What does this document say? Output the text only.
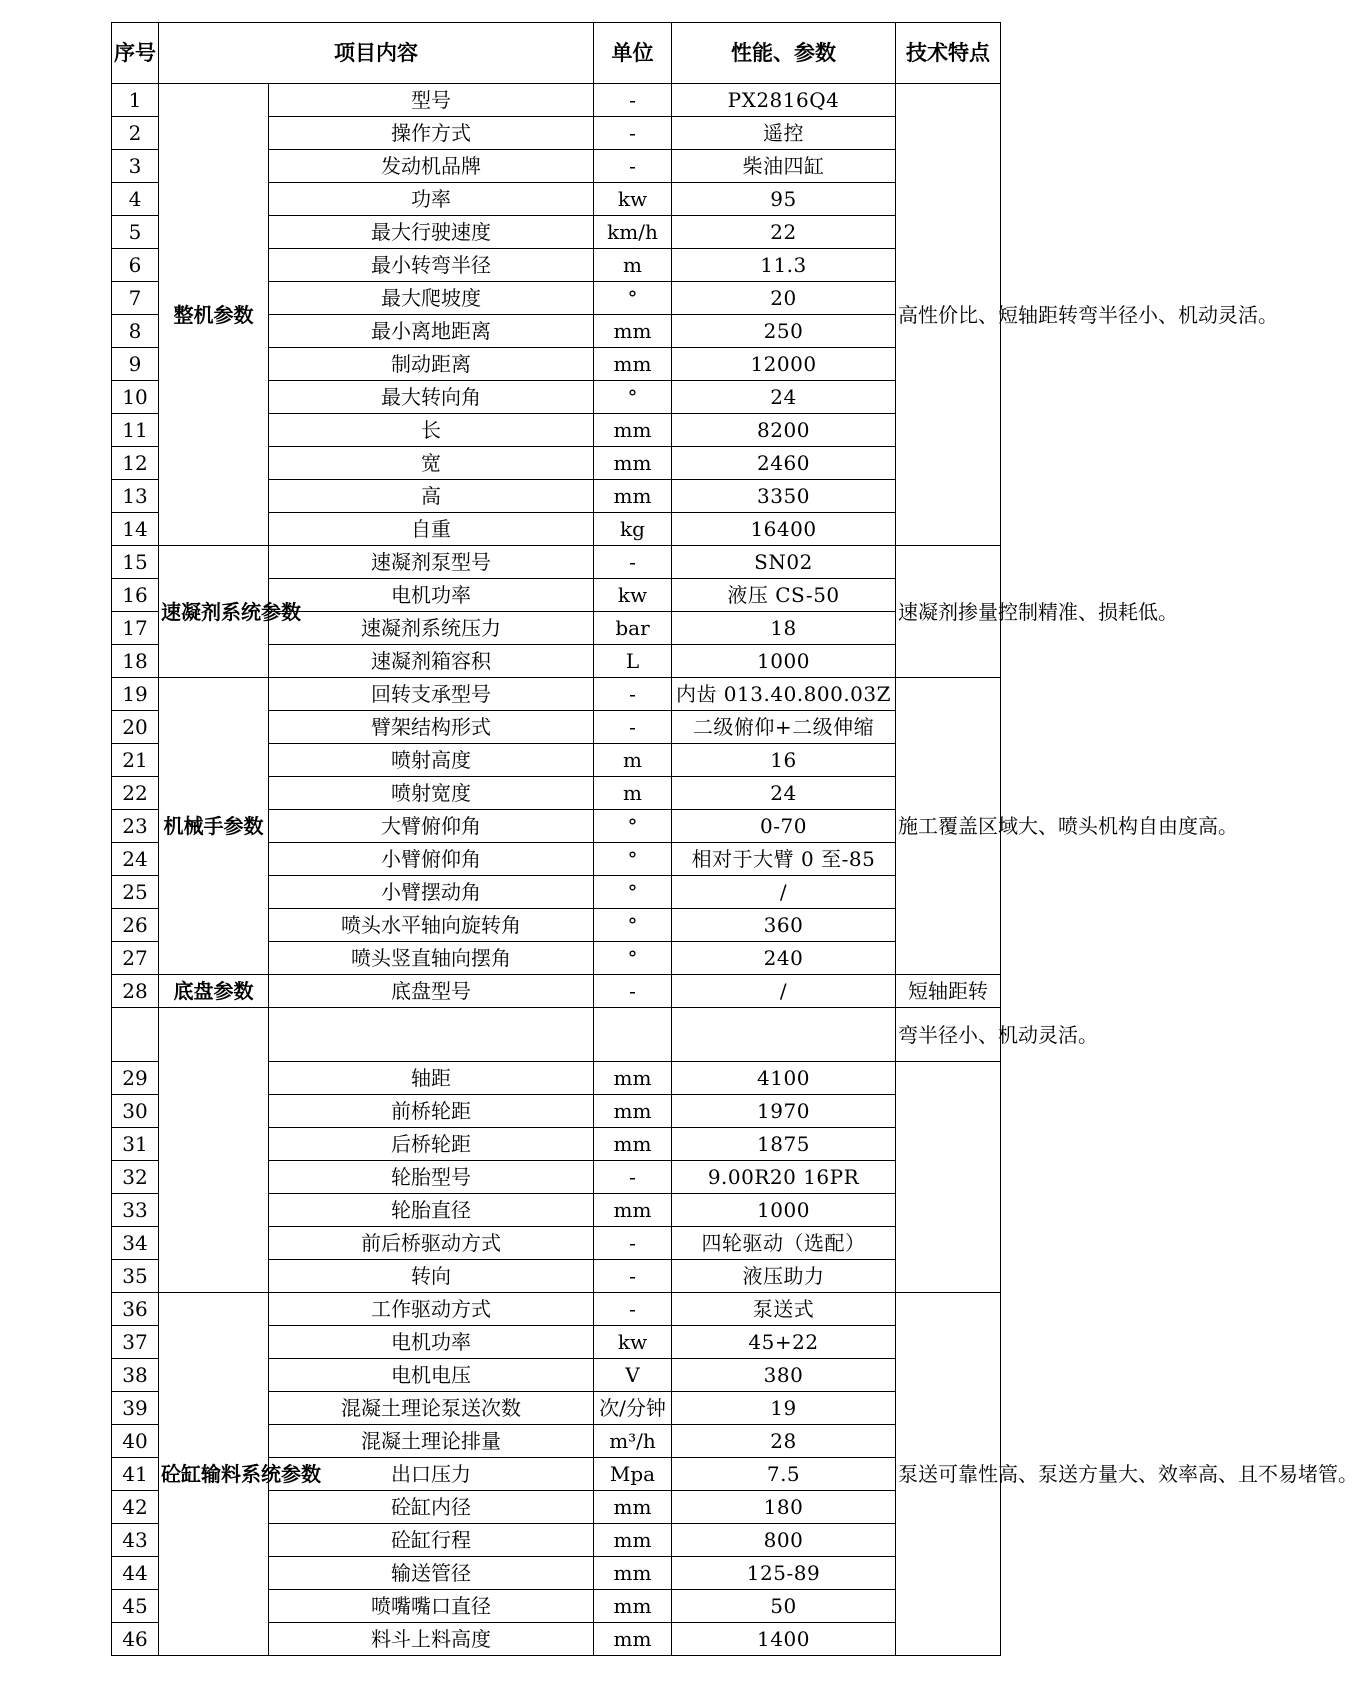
序号	项目内容		单位	性能、参数	技术特点
1	整机参数	型号	-	PX2816Q4	高性价比、短轴距转弯半径小、机动灵活。
2		操作方式	-	遥控	
3		发动机品牌	-	柴油四缸	
4		功率	kw	95	
5		最大行驶速度	km/h	22	
6		最小转弯半径	m	11.3	
7		最大爬坡度	°	20	
8		最小离地距离	mm	250	
9		制动距离	mm	12000	
10		最大转向角	°	24	
11		长	mm	8200	
12		宽	mm	2460	
13		高	mm	3350	
14		自重	kg	16400	
15	速凝剂系统参数	速凝剂泵型号	-	SN02	速凝剂掺量控制精准、损耗低。
16		电机功率	kw	液压 CS-50	
17		速凝剂系统压力	bar	18	
18		速凝剂箱容积	L	1000	
19	机械手参数	回转支承型号	-	内齿 013.40.800.03Z	施工覆盖区域大、喷头机构自由度高。
20		臂架结构形式	-	二级俯仰+二级伸缩	
21		喷射高度	m	16	
22		喷射宽度	m	24	
23		大臂俯仰角	°	0-70	
24		小臂俯仰角	°	相对于大臂 0 至-85	
25		小臂摆动角	°	/	
26		喷头水平轴向旋转角	°	360	
27		喷头竖直轴向摆角	°	240	
28	底盘参数	底盘型号	-	/	短轴距转
					弯半径小、机动灵活。
29		轴距	mm	4100	
30		前桥轮距	mm	1970	
31		后桥轮距	mm	1875	
32		轮胎型号	-	9.00R20 16PR	
33		轮胎直径	mm	1000	
34		前后桥驱动方式	-	四轮驱动（选配）	
35		转向	-	液压助力	
36	砼缸输料系统参数	工作驱动方式	-	泵送式	泵送可靠性高、泵送方量大、效率高、且不易堵管。
37		电机功率	kw	45+22	
38		电机电压	V	380	
39		混凝土理论泵送次数	次/分钟	19	
40		混凝土理论排量	m³/h	28	
41		出口压力	Mpa	7.5	
42		砼缸内径	mm	180	
43		砼缸行程	mm	800	
44		输送管径	mm	125-89	
45		喷嘴嘴口直径	mm	50	
46		料斗上料高度	mm	1400	
